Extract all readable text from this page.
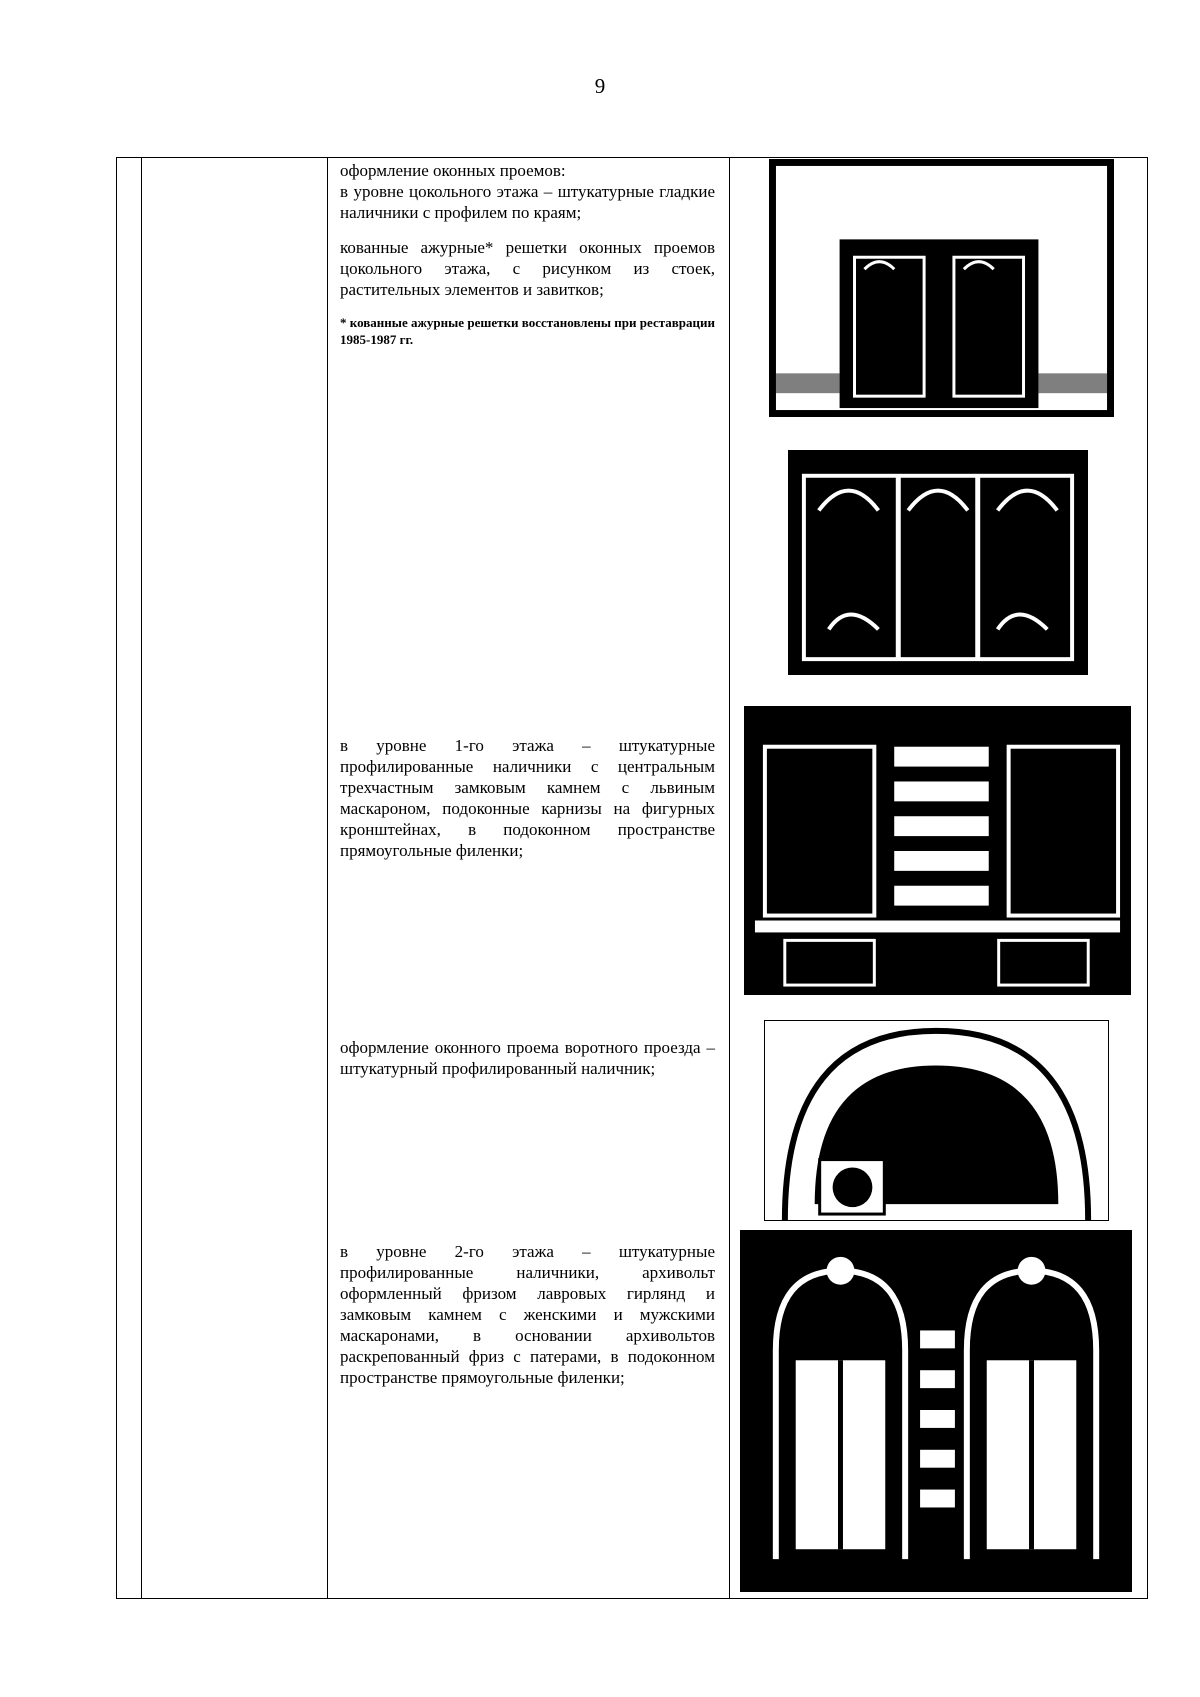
9

оформление оконных проемов:

в уровне цокольного этажа – штукатурные гладкие наличники с профилем по краям;

кованные ажурные* решетки оконных проемов цокольного этажа, с рисунком из стоек, растительных элементов и завитков;

* кованные ажурные решетки восстановлены при реставрации 1985-1987 гг.

в уровне 1-го этажа – штукатурные профилированные наличники с центральным трехчастным замковым камнем с львиным маскароном, подоконные карнизы на фигурных кронштейнах, в подоконном пространстве прямоугольные филенки;
оформление оконного проема воротного проезда – штукатурный профилированный наличник;
в уровне 2-го этажа – штукатурные профилированные наличники, архивольт оформленный фризом лавровых гирлянд и замковым камнем с женскими и мужскими маскаронами, в основании архивольтов раскрепованный фриз с патерами, в подоконном пространстве прямоугольные филенки;
